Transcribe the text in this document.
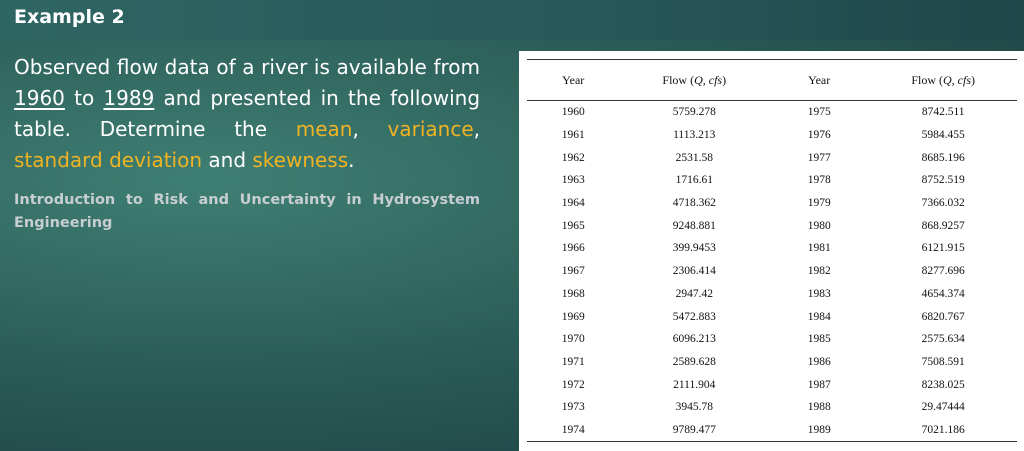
Example 2
Observed flow data of a river is available from 1960 to 1989 and presented in the following table. Determine the mean, variance, standard deviation and skewness.
Introduction to Risk and Uncertainty in Hydrosystem Engineering
Year	Flow (Q, cfs)	Year	Flow (Q, cfs)
1960	5759.278	1975	8742.511
1961	1113.213	1976	5984.455
1962	2531.58	1977	8685.196
1963	1716.61	1978	8752.519
1964	4718.362	1979	7366.032
1965	9248.881	1980	868.9257
1966	399.9453	1981	6121.915
1967	2306.414	1982	8277.696
1968	2947.42	1983	4654.374
1969	5472.883	1984	6820.767
1970	6096.213	1985	2575.634
1971	2589.628	1986	7508.591
1972	2111.904	1987	8238.025
1973	3945.78	1988	29.47444
1974	9789.477	1989	7021.186
